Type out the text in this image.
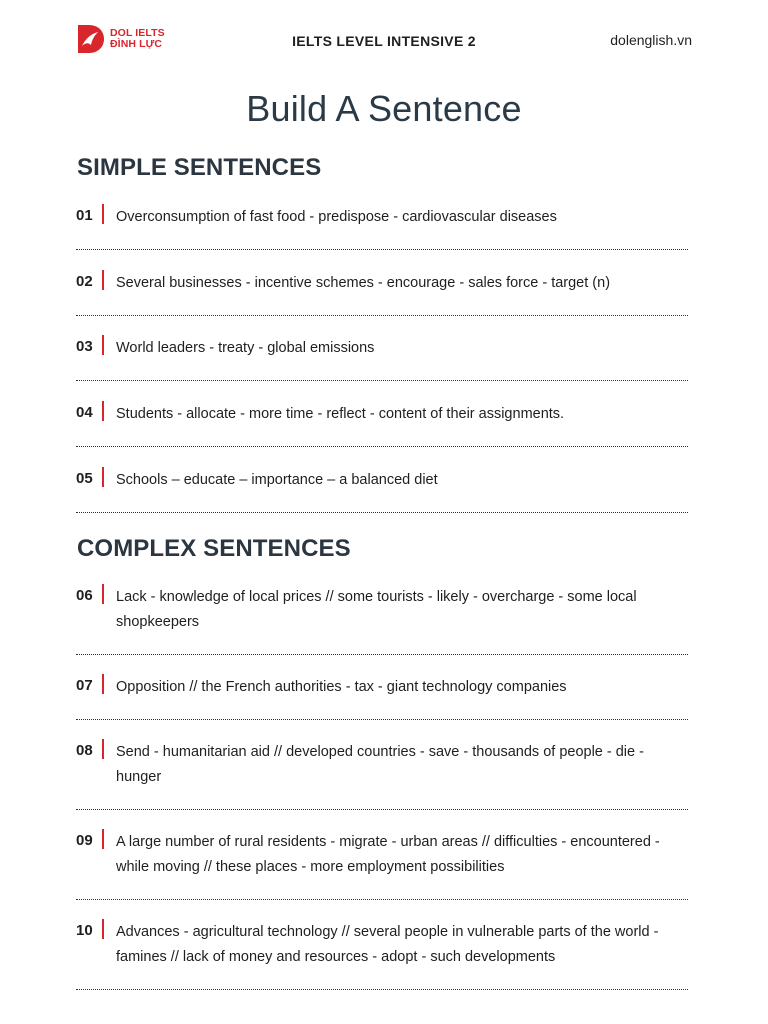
DOL IELTS
ĐÌNH LỰC	IELTS LEVEL INTENSIVE 2	dolenglish.vn
Build A Sentence
SIMPLE SENTENCES
01 Overconsumption of fast food - predispose - cardiovascular diseases
02 Several businesses - incentive schemes - encourage - sales force - target (n)
03 World leaders - treaty - global emissions
04 Students - allocate - more time - reflect - content of their assignments.
05 Schools – educate – importance – a balanced diet
COMPLEX SENTENCES
06 Lack - knowledge of local prices // some tourists - likely - overcharge - some local shopkeepers
07 Opposition // the French authorities - tax - giant technology companies
08 Send - humanitarian aid // developed countries - save - thousands of people - die - hunger
09 A large number of rural residents - migrate - urban areas // difficulties - encountered - while moving // these places - more employment possibilities
10 Advances - agricultural technology // several people in vulnerable parts of the world - famines // lack of money and resources - adopt - such developments
